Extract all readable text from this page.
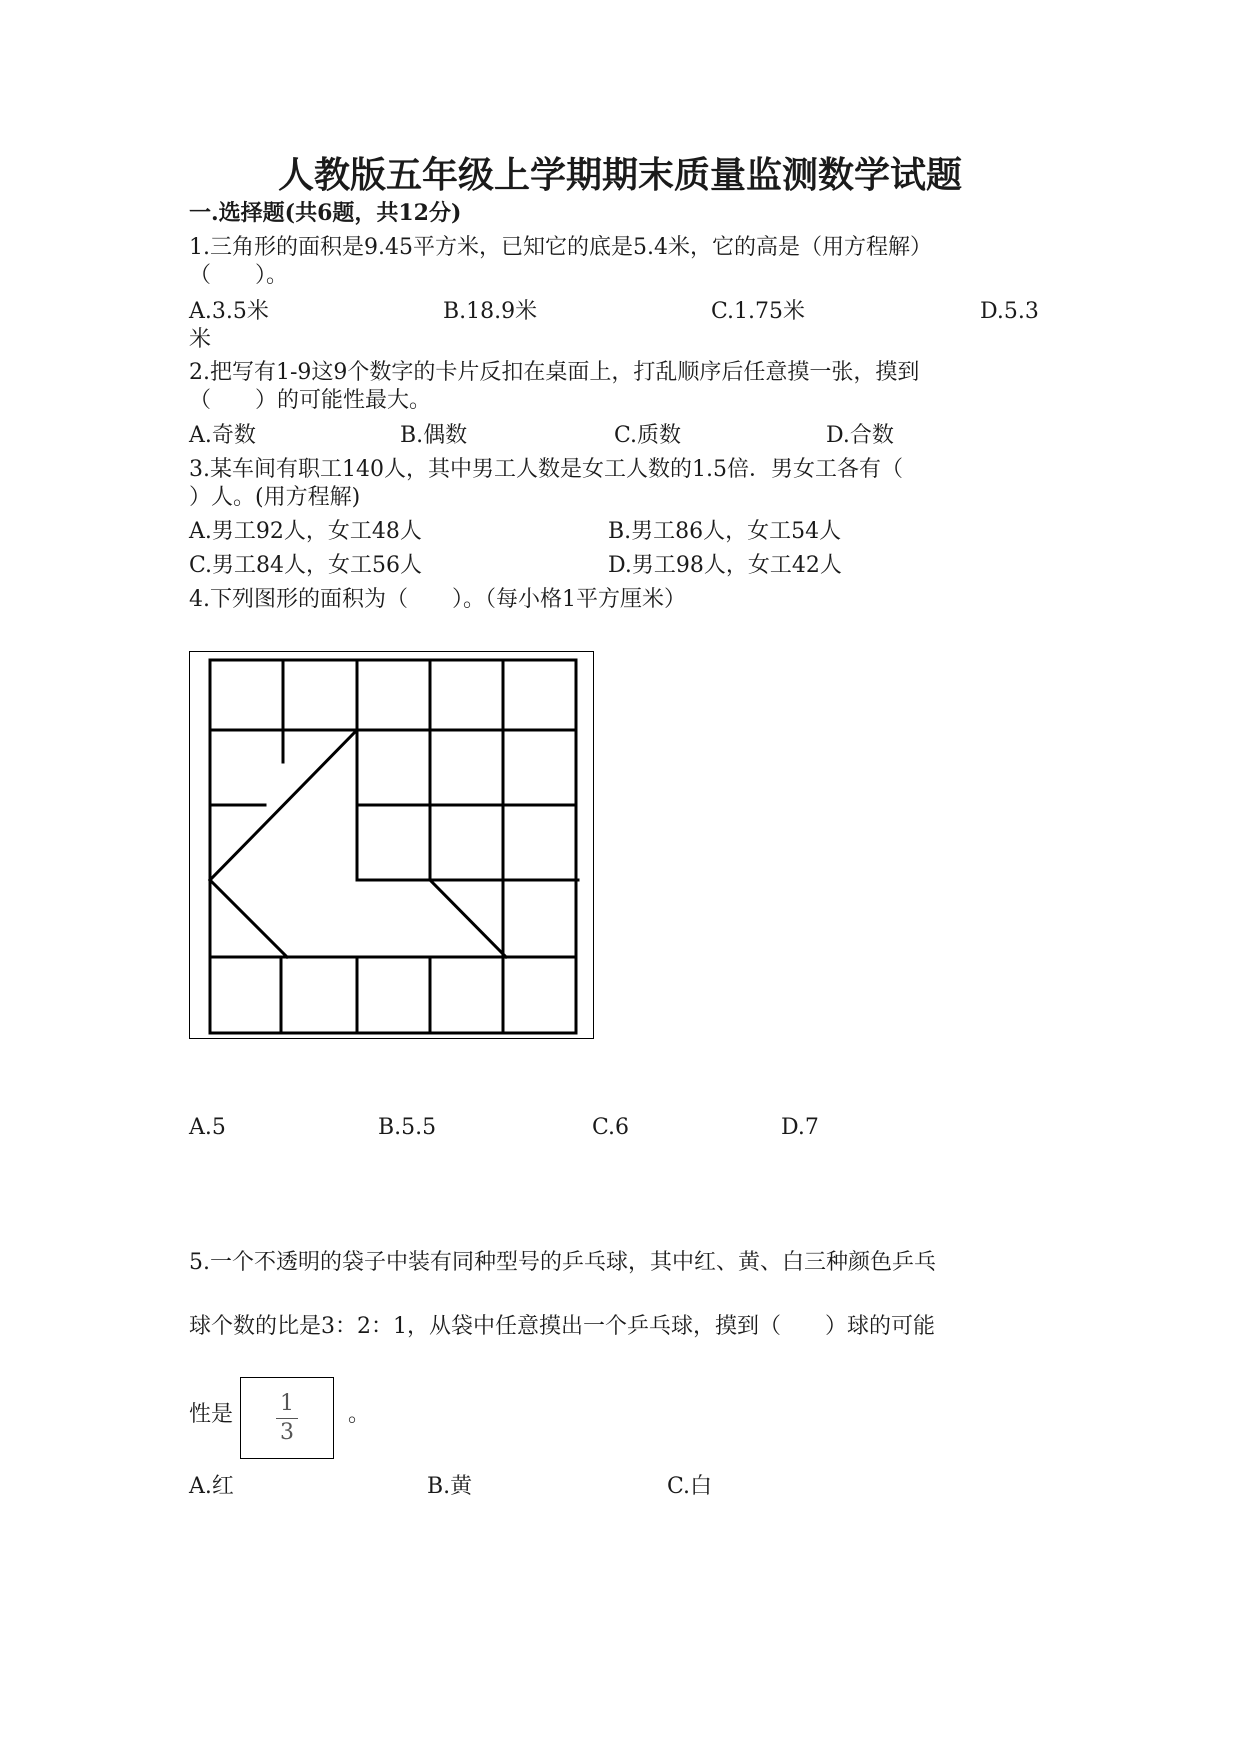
人教版五年级上学期期末质量监测数学试题
一.选择题(共6题，共12分)
1.三角形的面积是9.45平方米，已知它的底是5.4米，它的高是（用方程解）
（　　）。
A.3.5米	B.18.9米	C.1.75米	D.5.3
米
2.把写有1-9这9个数字的卡片反扣在桌面上，打乱顺序后任意摸一张，摸到
（　　）的可能性最大。
A.奇数	B.偶数	C.质数	D.合数
3.某车间有职工140人，其中男工人数是女工人数的1.5倍．男女工各有（
）人。(用方程解)
A.男工92人，女工48人	B.男工86人，女工54人
C.男工84人，女工56人	D.男工98人，女工42人
4.下列图形的面积为（　　）。（每小格1平方厘米）
A.5	B.5.5	C.6	D.7
5.一个不透明的袋子中装有同种型号的乒乓球，其中红、黄、白三种颜色乒乓
球个数的比是3：2：1，从袋中任意摸出一个乒乓球，摸到（　　）球的可能
性是 1
3
。
A.红	B.黄	C.白
